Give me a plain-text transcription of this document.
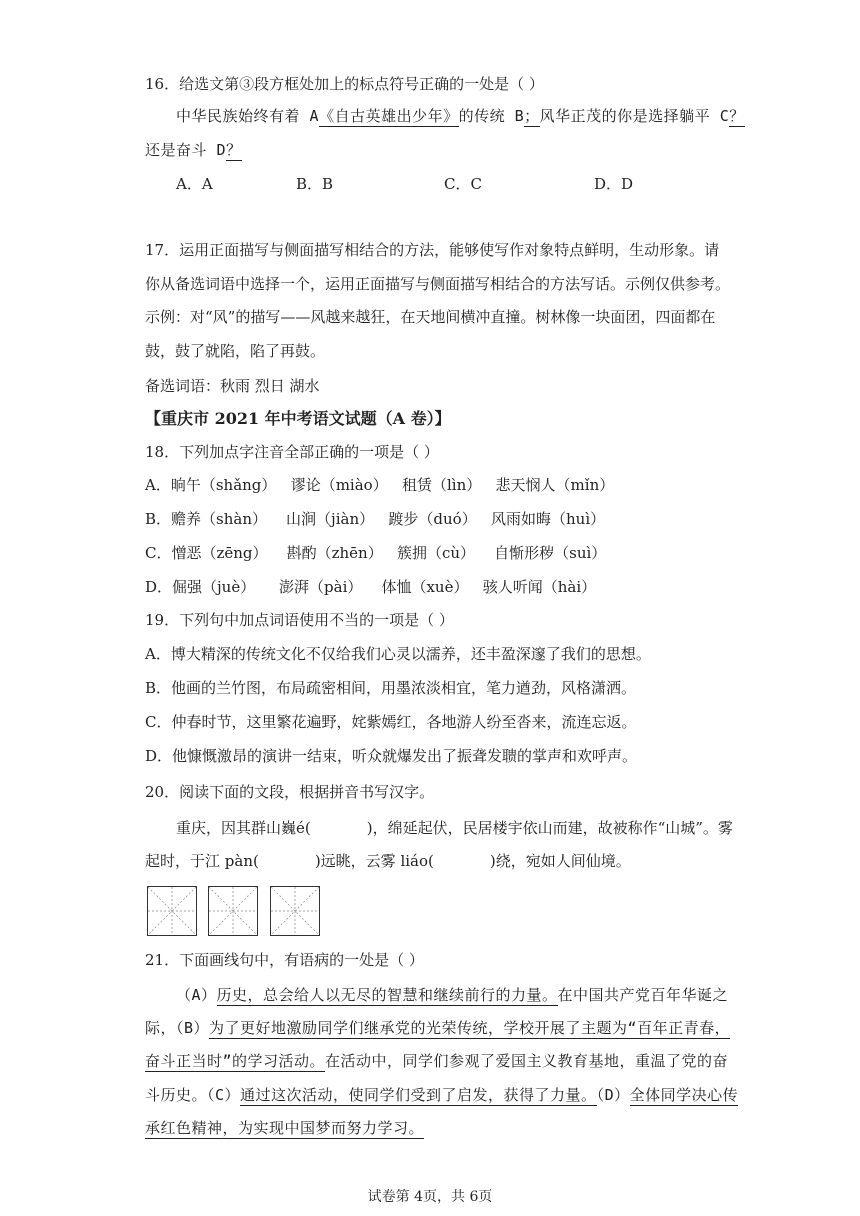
16．给选文第③段方框处加上的标点符号正确的一处是（ ）
中华民族始终有着 A《自古英雄出少年》的传统 B；风华正茂的你是选择躺平 C？
还是奋斗 D？
A．A	B．B	C．C	D．D
17．运用正面描写与侧面描写相结合的方法，能够使写作对象特点鲜明，生动形象。请
你从备选词语中选择一个，运用正面描写与侧面描写相结合的方法写话。示例仅供参考。
示例：对“风”的描写——风越来越狂，在天地间横冲直撞。树林像一块面团，四面都在
鼓，鼓了就陷，陷了再鼓。
备选词语：秋雨 烈日 湖水
【重庆市 2021 年中考语文试题（A 卷）】
18．下列加点字注音全部正确的一项是（ ）
A．晌午（shǎng）   谬论（miào）   租赁（lìn）   悲天悯人（mǐn）
B．赡养（shàn）    山涧（jiàn）   踱步（duó）   风雨如晦（huì）
C．憎恶（zēng）    斟酌（zhēn）   簇拥（cù）    自惭形秽（suì）
D．倔强（juè）     澎湃（pài）    体恤（xuè）   骇人听闻（hài）
19．下列句中加点词语使用不当的一项是（ ）
A．博大精深的传统文化不仅给我们心灵以濡养，还丰盈深邃了我们的思想。
B．他画的兰竹图，布局疏密相间，用墨浓淡相宜，笔力遒劲，风格潇洒。
C．仲春时节，这里繁花遍野，姹紫嫣红，各地游人纷至沓来，流连忘返。
D．他慷慨激昂的演讲一结束，听众就爆发出了振聋发聩的掌声和欢呼声。
20．阅读下面的文段，根据拼音书写汉字。
重庆，因其群山巍é(	)，绵延起伏，民居楼宇依山而建，故被称作“山城”。雾
起时，于江 pàn(	)远眺，云雾 liáo(	)绕，宛如人间仙境。
21．下面画线句中，有语病的一处是（ ）
（A）历史，总会给人以无尽的智慧和继续前行的力量。在中国共产党百年华诞之
际，（B）为了更好地激励同学们继承党的光荣传统，学校开展了主题为“百年正青春，
奋斗正当时”的学习活动。在活动中，同学们参观了爱国主义教育基地，重温了党的奋
斗历史。（C）通过这次活动，使同学们受到了启发，获得了力量。（D）全体同学决心传
承红色精神，为实现中国梦而努力学习。
试卷第 4页，共 6页
